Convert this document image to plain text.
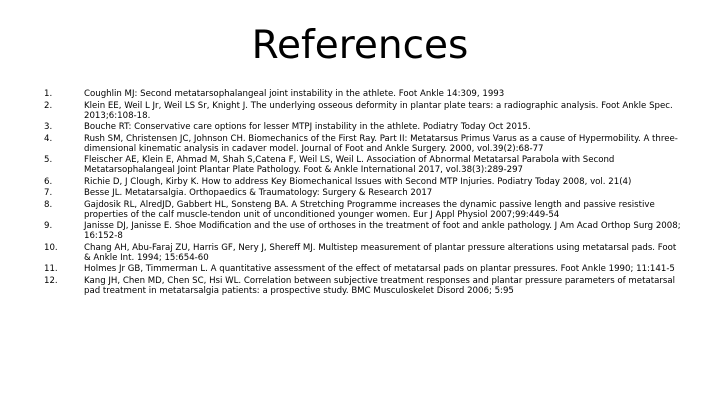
References
1.	Coughlin MJ: Second metatarsophalangeal joint instability in the athlete. Foot Ankle 14:309, 1993
2.	Klein EE, Weil L Jr, Weil LS Sr, Knight J. The underlying osseous deformity in plantar plate tears: a radiographic analysis. Foot Ankle Spec. 2013;6:108-18.
3.	Bouche RT: Conservative care options for lesser MTPJ instability in the athlete. Podiatry Today Oct 2015.
4.	Rush SM, Christensen JC, Johnson CH. Biomechanics of the First Ray. Part II: Metatarsus Primus Varus as a cause of Hypermobility. A three-dimensional kinematic analysis in cadaver model. Journal of Foot and Ankle Surgery. 2000, vol.39(2):68-77
5.	Fleischer AE, Klein E, Ahmad M, Shah S,Catena F, Weil LS, Weil L. Association of Abnormal Metatarsal Parabola with Second Metatarsophalangeal Joint Plantar Plate Pathology. Foot & Ankle International 2017, vol.38(3):289-297
6.	Richie D, J Clough, Kirby K. How to address Key Biomechanical Issues with Second MTP Injuries. Podiatry Today 2008, vol. 21(4)
7.	Besse JL. Metatarsalgia. Orthopaedics & Traumatology: Surgery & Research 2017
8.	Gajdosik RL, AlredJD, Gabbert HL, Sonsteng BA. A Stretching Programme increases the dynamic passive length and passive resistive properties of the calf muscle-tendon unit of unconditioned younger women. Eur J Appl Physiol 2007;99:449-54
9.	Janisse DJ, Janisse E. Shoe Modification and the use of orthoses in the treatment of foot and ankle pathology. J Am Acad Orthop Surg 2008; 16:152-8
10.	Chang AH, Abu-Faraj ZU, Harris GF, Nery J, Shereff MJ. Multistep measurement of plantar pressure alterations using metatarsal pads. Foot & Ankle Int. 1994; 15:654-60
11.	Holmes Jr GB, Timmerman L. A quantitative assessment of the effect of metatarsal pads on plantar pressures. Foot Ankle 1990; 11:141-5
12.	Kang JH, Chen MD, Chen SC, Hsi WL. Correlation between subjective treatment responses and plantar pressure parameters of metatarsal pad treatment in metatarsalgia patients: a prospective study. BMC Musculoskelet Disord 2006; 5:95
